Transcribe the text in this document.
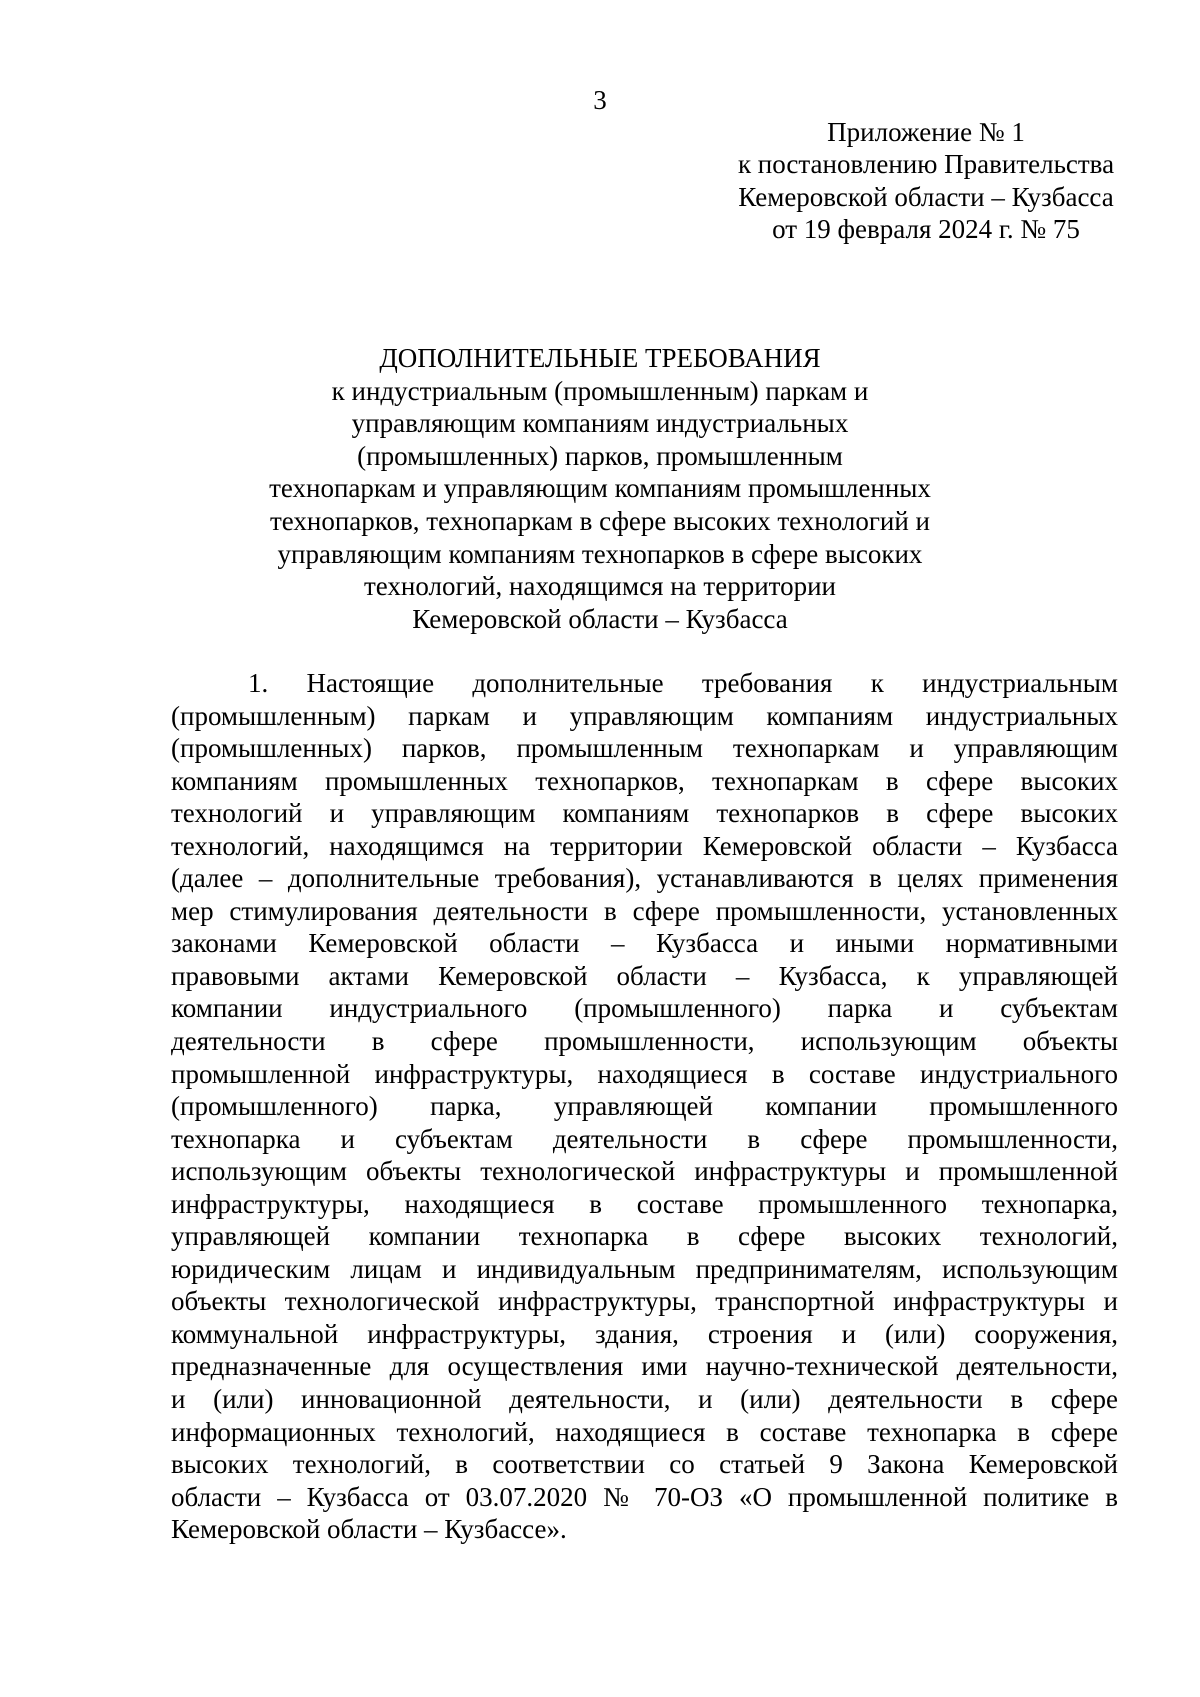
3
Приложение № 1
к постановлению Правительства
Кемеровской области – Кузбасса
от 19 февраля 2024 г. № 75
ДОПОЛНИТЕЛЬНЫЕ ТРЕБОВАНИЯ
к индустриальным (промышленным) паркам и
управляющим компаниям индустриальных
(промышленных) парков, промышленным
технопаркам и управляющим компаниям промышленных
технопарков, технопаркам в сфере высоких технологий и
управляющим компаниям технопарков в сфере высоких
технологий, находящимся на территории
Кемеровской области – Кузбасса
1. Настоящие дополнительные требования к индустриальным
(промышленным) паркам и управляющим компаниям индустриальных
(промышленных) парков, промышленным технопаркам и управляющим
компаниям промышленных технопарков, технопаркам в сфере высоких
технологий и управляющим компаниям технопарков в сфере высоких
технологий, находящимся на территории Кемеровской области – Кузбасса
(далее – дополнительные требования), устанавливаются в целях применения
мер стимулирования деятельности в сфере промышленности, установленных
законами Кемеровской области – Кузбасса и иными нормативными
правовыми актами Кемеровской области – Кузбасса, к управляющей
компании индустриального (промышленного) парка и субъектам
деятельности в сфере промышленности, использующим объекты
промышленной инфраструктуры, находящиеся в составе индустриального
(промышленного) парка, управляющей компании промышленного
технопарка и субъектам деятельности в сфере промышленности,
использующим объекты технологической инфраструктуры и промышленной
инфраструктуры, находящиеся в составе промышленного технопарка,
управляющей компании технопарка в сфере высоких технологий,
юридическим лицам и индивидуальным предпринимателям, использующим
объекты технологической инфраструктуры, транспортной инфраструктуры и
коммунальной инфраструктуры, здания, строения и (или) сооружения,
предназначенные для осуществления ими научно-технической деятельности,
и (или) инновационной деятельности, и (или) деятельности в сфере
информационных технологий, находящиеся в составе технопарка в сфере
высоких технологий, в соответствии со статьей 9 Закона Кемеровской
области – Кузбасса от 03.07.2020 № 70-ОЗ «О промышленной политике в
Кемеровской области – Кузбассе».
